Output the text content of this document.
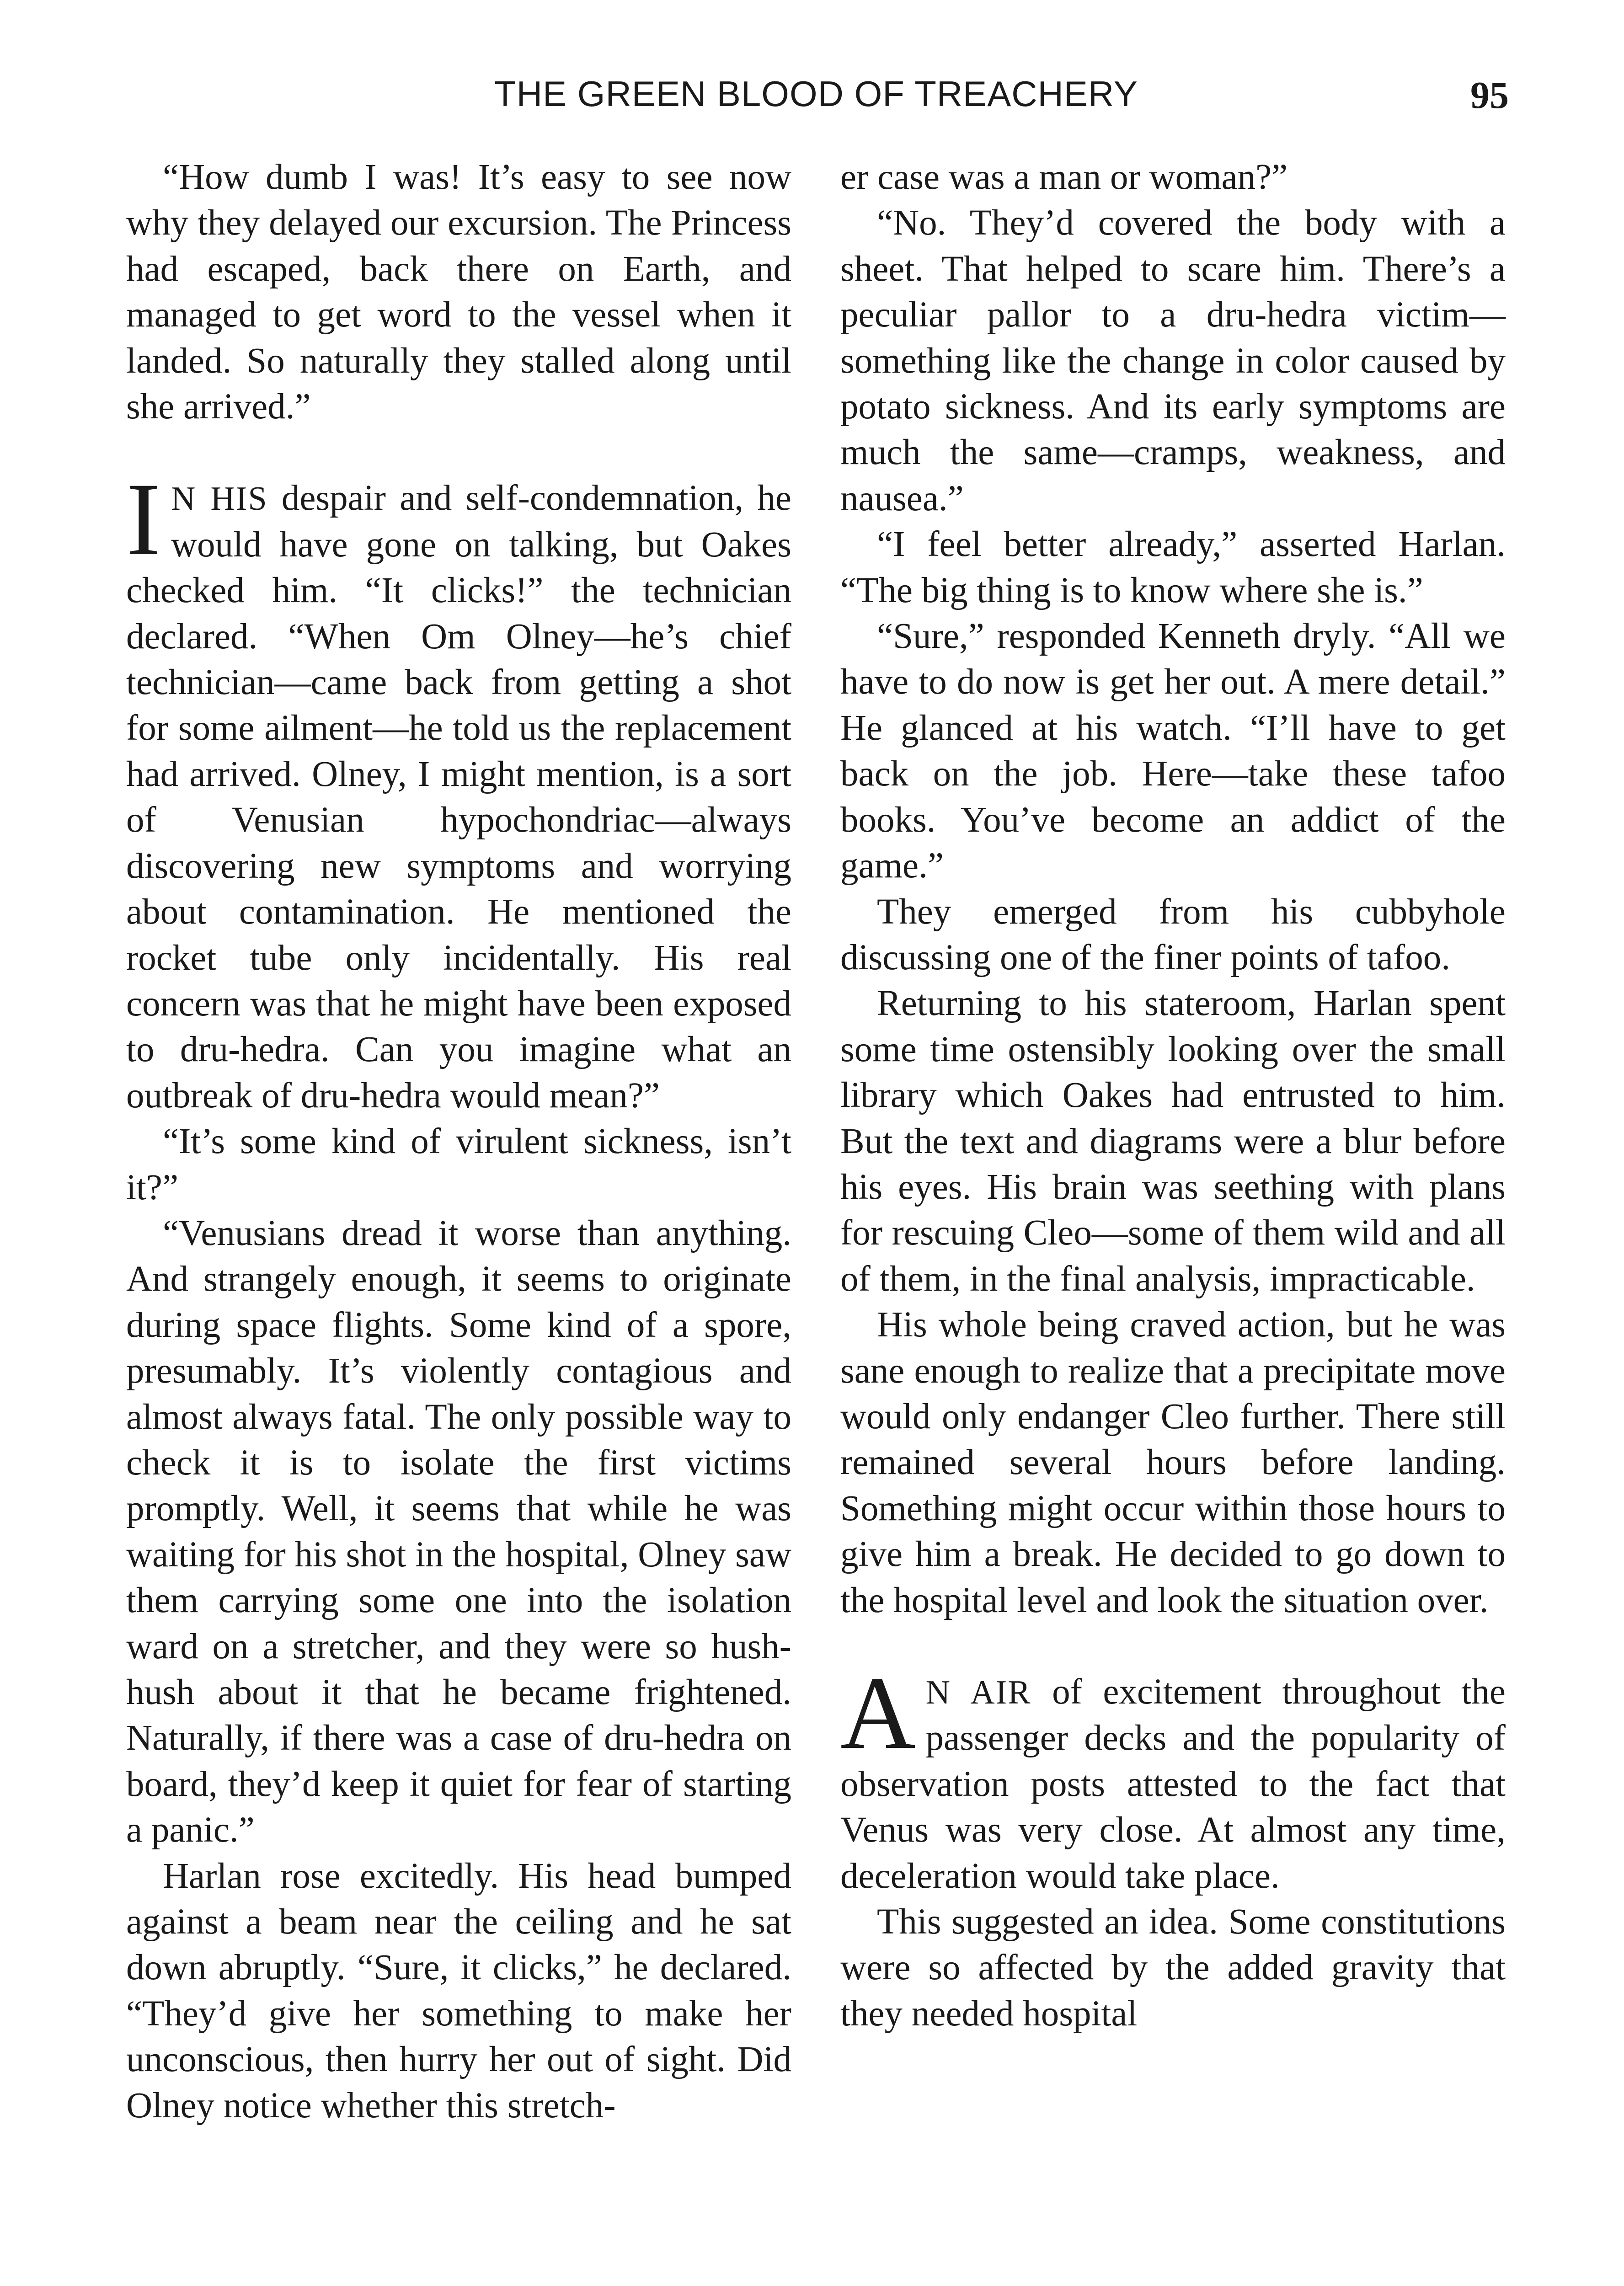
THE GREEN BLOOD OF TREACHERY	95

“How dumb I was! It’s easy to see now why they delayed our excursion. The Princess had escaped, back there on Earth, and managed to get word to the vessel when it landed. So naturally they stalled along until she arrived.”

IN HIS despair and self-condemnation, he would have gone on talking, but Oakes checked him. “It clicks!” the technician declared. “When Om Olney—he’s chief technician—came back from getting a shot for some ailment—he told us the replacement had arrived. Olney, I might mention, is a sort of Venusian hypochondriac—always discovering new symptoms and worrying about contamination. He mentioned the rocket tube only incidentally. His real concern was that he might have been exposed to dru-hedra. Can you imagine what an outbreak of dru-hedra would mean?”

“It’s some kind of virulent sickness, isn’t it?”

“Venusians dread it worse than anything. And strangely enough, it seems to originate during space flights. Some kind of a spore, presumably. It’s violently contagious and almost always fatal. The only possible way to check it is to isolate the first victims promptly. Well, it seems that while he was waiting for his shot in the hospital, Olney saw them carrying some one into the isolation ward on a stretcher, and they were so hush-hush about it that he became frightened. Naturally, if there was a case of dru-hedra on board, they’d keep it quiet for fear of starting a panic.”

Harlan rose excitedly. His head bumped against a beam near the ceiling and he sat down abruptly. “Sure, it clicks,” he declared. “They’d give her something to make her unconscious, then hurry her out of sight. Did Olney notice whether this stretch-

er case was a man or woman?”

“No. They’d covered the body with a sheet. That helped to scare him. There’s a peculiar pallor to a dru-hedra victim—something like the change in color caused by potato sickness. And its early symptoms are much the same—cramps, weakness, and nausea.”

“I feel better already,” asserted Harlan. “The big thing is to know where she is.”

“Sure,” responded Kenneth dryly. “All we have to do now is get her out. A mere detail.” He glanced at his watch. “I’ll have to get back on the job. Here—take these tafoo books. You’ve become an addict of the game.”

They emerged from his cubbyhole discussing one of the finer points of tafoo.

Returning to his stateroom, Harlan spent some time ostensibly looking over the small library which Oakes had entrusted to him. But the text and diagrams were a blur before his eyes. His brain was seething with plans for rescuing Cleo—some of them wild and all of them, in the final analysis, impracticable.

His whole being craved action, but he was sane enough to realize that a precipitate move would only endanger Cleo further. There still remained several hours before landing. Something might occur within those hours to give him a break. He decided to go down to the hospital level and look the situation over.

AN AIR of excitement throughout the passenger decks and the popularity of observation posts attested to the fact that Venus was very close. At almost any time, deceleration would take place.

This suggested an idea. Some constitutions were so affected by the added gravity that they needed hospital
